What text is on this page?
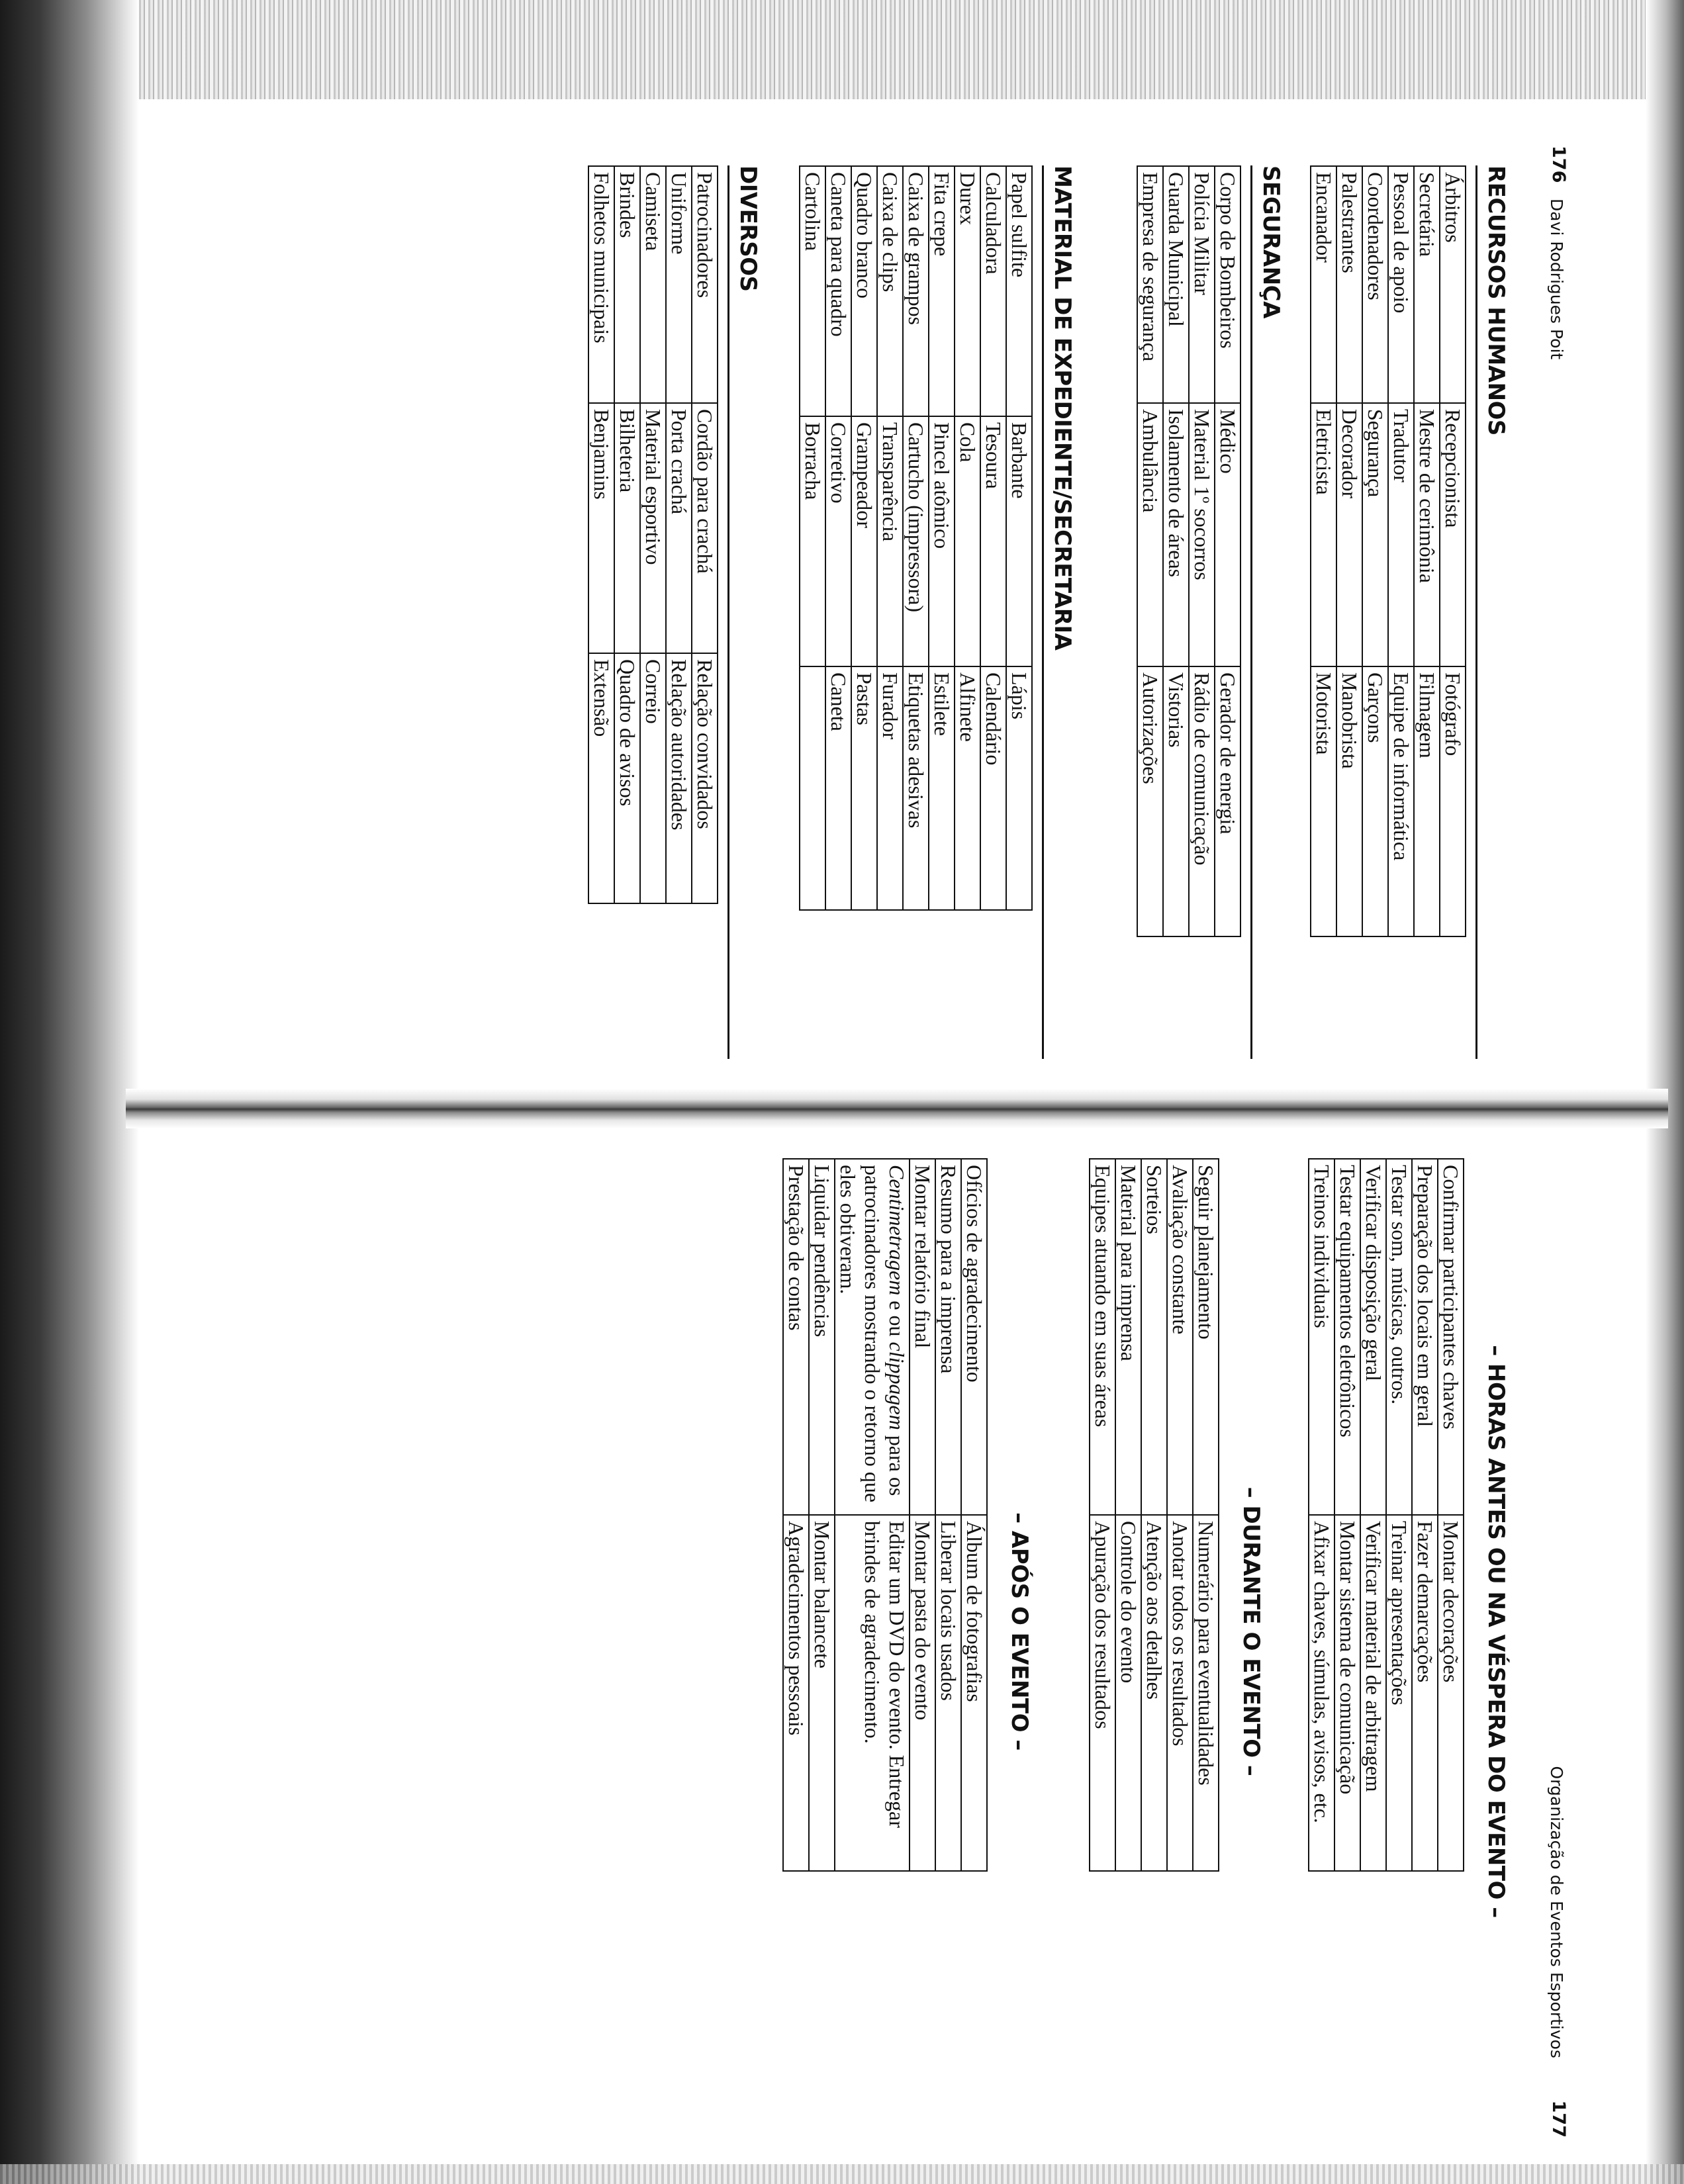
176
Davi Rodrigues Poit
RECURSOS HUMANOS
Árbitros	Recepcionista	Fotógrafo
Secretária	Mestre de cerimônia	Filmagem
Pessoal de apoio	Tradutor	Equipe de informática
Coordenadores	Segurança	Garçons
Palestrantes	Decorador	Manobrista
Encanador	Eletricista	Motorista
SEGURANÇA
Corpo de Bombeiros	Médico	Gerador de energia
Polícia Militar	Material 1º socorros	Rádio de comunicação
Guarda Municipal	Isolamento de áreas	Vistorias
Empresa de segurança	Ambulância	Autorizações
MATERIAL DE EXPEDIENTE/SECRETARIA
Papel sulfite	Barbante	Lápis
Calculadora	Tesoura	Calendário
Durex	Cola	Alfinete
Fita crepe	Pincel atômico	Estilete
Caixa de grampos	Cartucho (impressora)	Etiquetas adesivas
Caixa de clips	Transparência	Furador
Quadro branco	Grampeador	Pastas
Caneta para quadro	Corretivo	Caneta
Cartolina	Borracha	
DIVERSOS
Patrocinadores	Cordão para crachá	Relação convidados
Uniforme	Porta crachá	Relação autoridades
Camiseta	Material esportivo	Correio
Brindes	Bilheteria	Quadro de avisos
Folhetos municipais	Benjamins	Extensão
Organização de Eventos Esportivos
177
– HORAS ANTES OU NA VÉSPERA DO EVENTO –
Confirmar participantes chaves	Montar decorações
Preparação dos locais em geral	Fazer demarcações
Testar som, músicas, outros.	Treinar apresentações
Verificar disposição geral	Verificar material de arbitragem
Testar equipamentos eletrônicos	Montar sistema de comunicação
Treinos individuais	Afixar chaves, súmulas, avisos, etc.
– DURANTE O EVENTO –
Seguir planejamento	Numerário para eventualidades
Avaliação constante	Anotar todos os resultados
Sorteios	Atenção aos detalhes
Material para imprensa	Controle do evento
Equipes atuando em suas áreas	Apuração dos resultados
– APÓS O EVENTO –
Ofícios de agradecimento	Álbum de fotografias
Resumo para a imprensa	Liberar locais usados
Montar relatório final	Montar pasta do evento
Centimetragem e ou clippagem para os patrocinadores mostrando o retorno que eles obtiveram.	Editar um DVD do evento. Entregar brindes de agradecimento.
Liquidar pendências	Montar balancete
Prestação de contas	Agradecimentos pessoais
